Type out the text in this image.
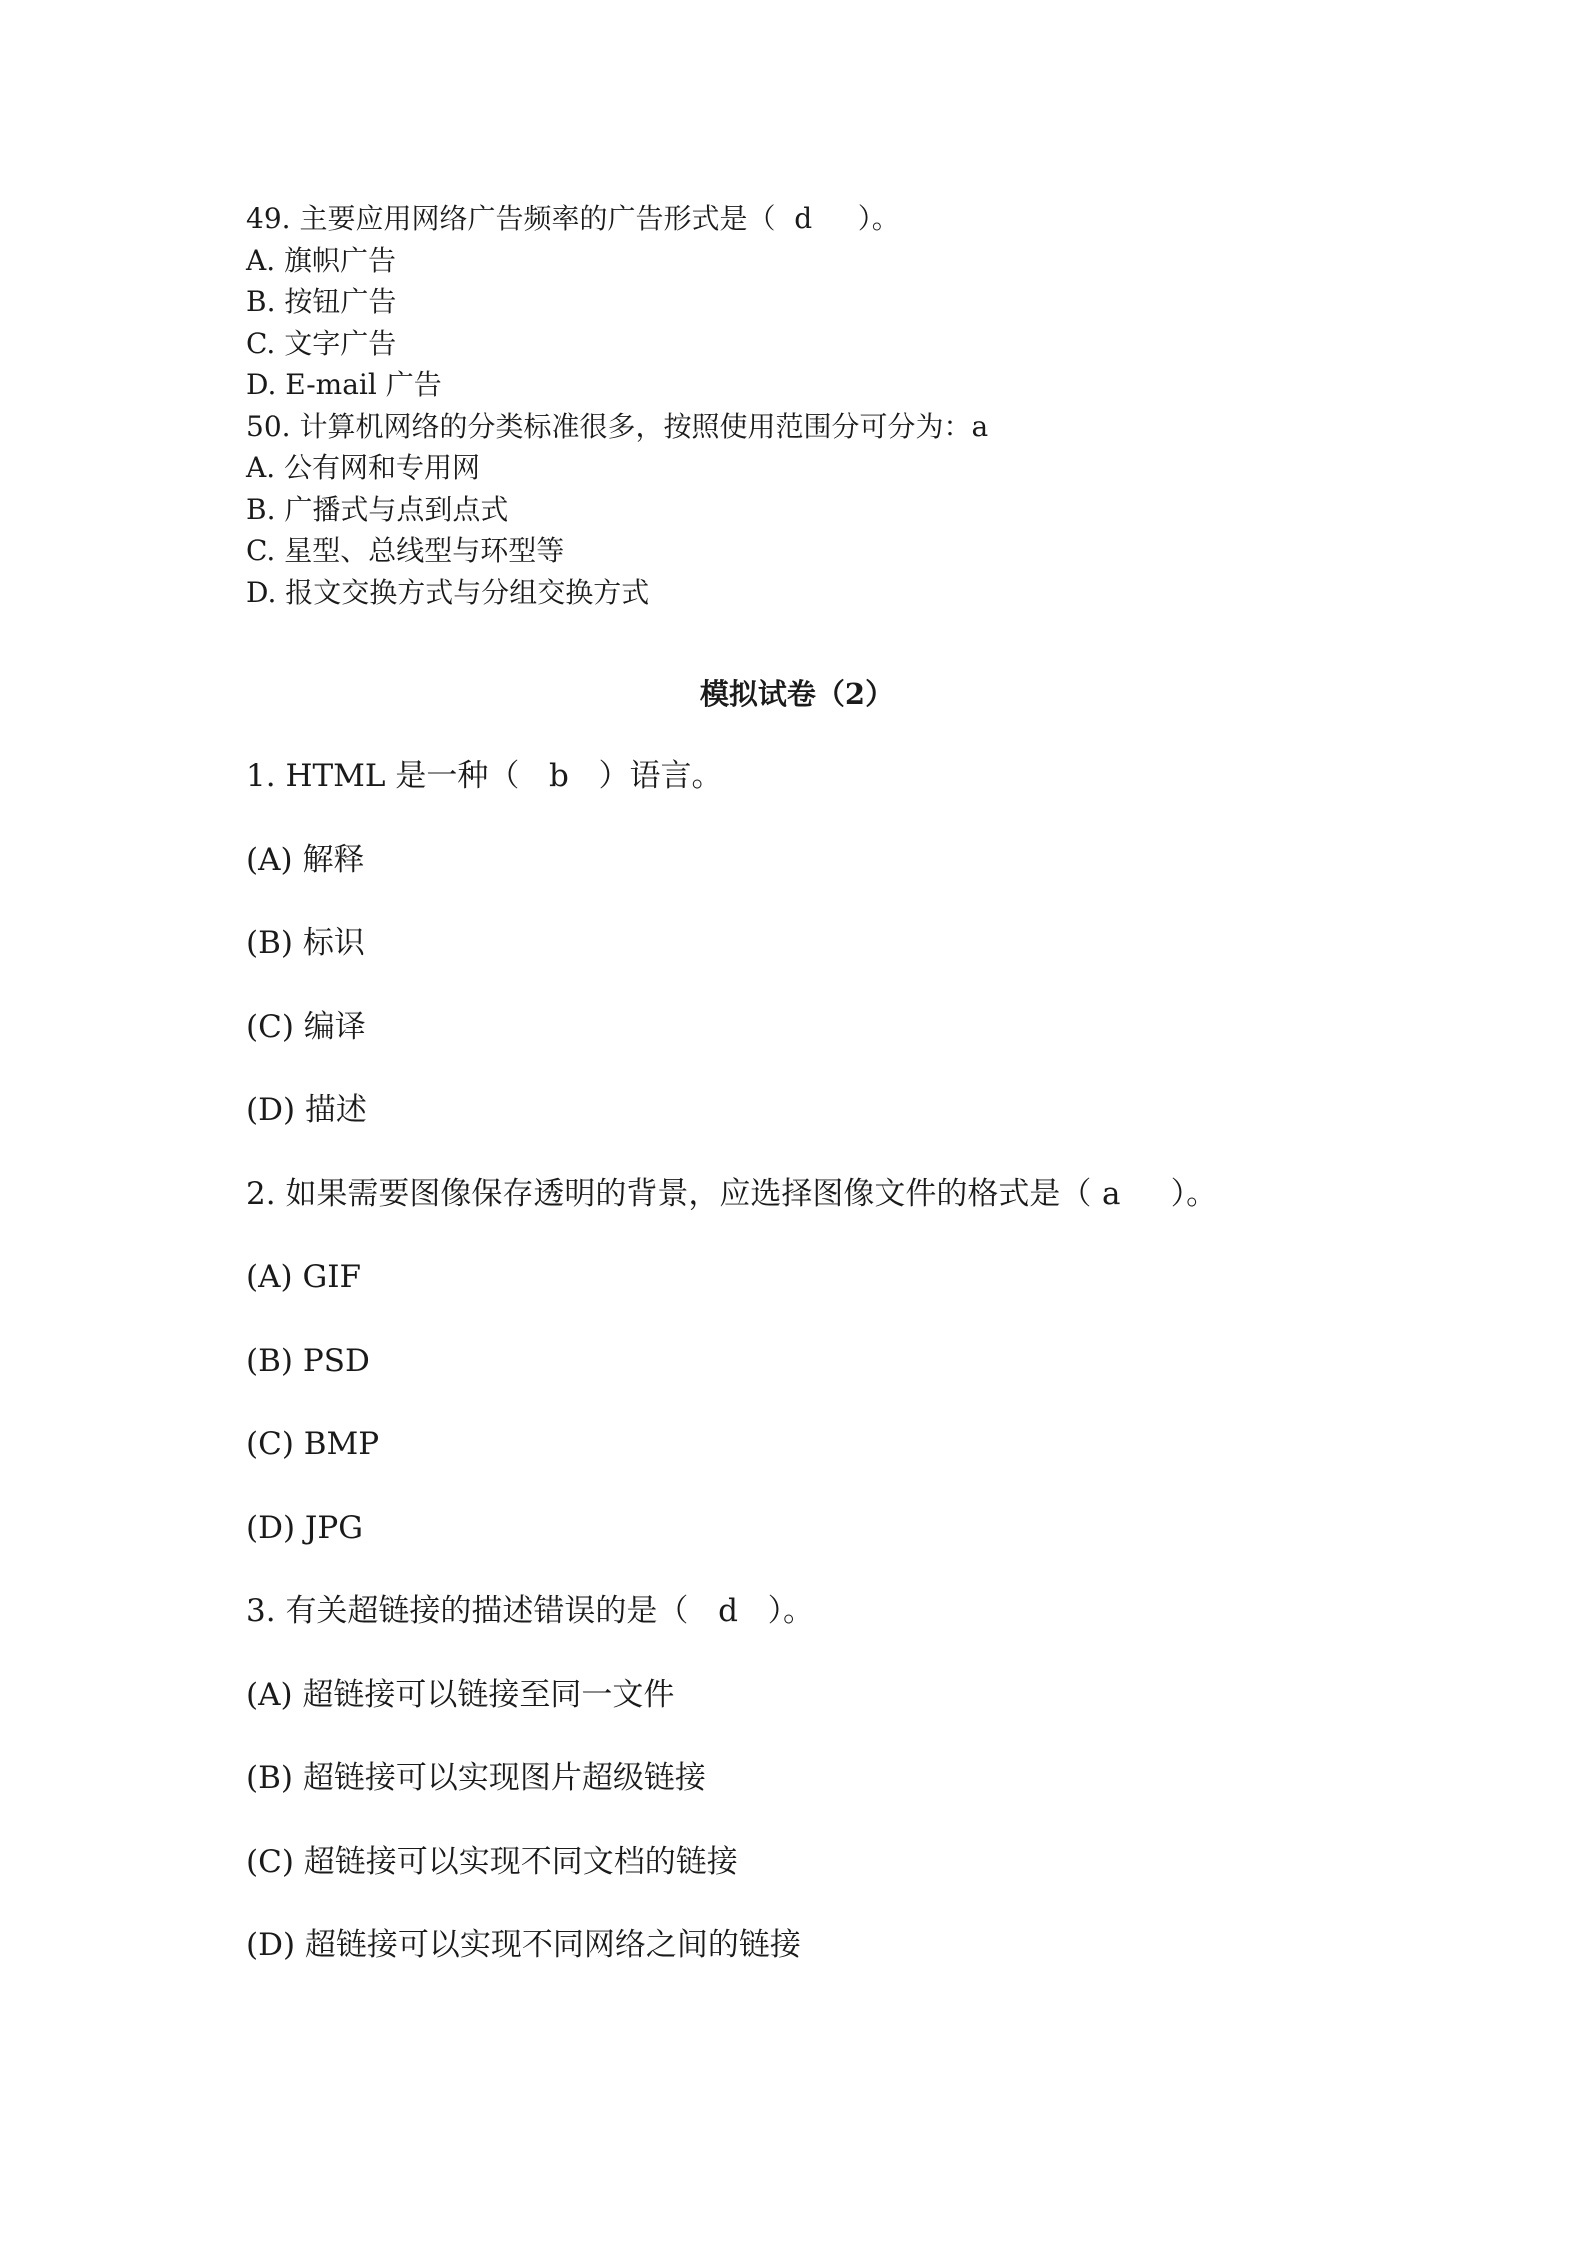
49. 主要应用网络广告频率的广告形式是（ d ）。
A. 旗帜广告
B. 按钮广告
C. 文字广告
D. E-mail 广告
50. 计算机网络的分类标准很多，按照使用范围分可分为：a
A. 公有网和专用网
B. 广播式与点到点式
C. 星型、总线型与环型等
D. 报文交换方式与分组交换方式
模拟试卷（2）
1. HTML 是一种（ b ）语言。
(A) 解释
(B) 标识
(C) 编译
(D) 描述
2. 如果需要图像保存透明的背景，应选择图像文件的格式是（ a ）。
(A) GIF
(B) PSD
(C) BMP
(D) JPG
3. 有关超链接的描述错误的是（ d ）。
(A) 超链接可以链接至同一文件
(B) 超链接可以实现图片超级链接
(C) 超链接可以实现不同文档的链接
(D) 超链接可以实现不同网络之间的链接
